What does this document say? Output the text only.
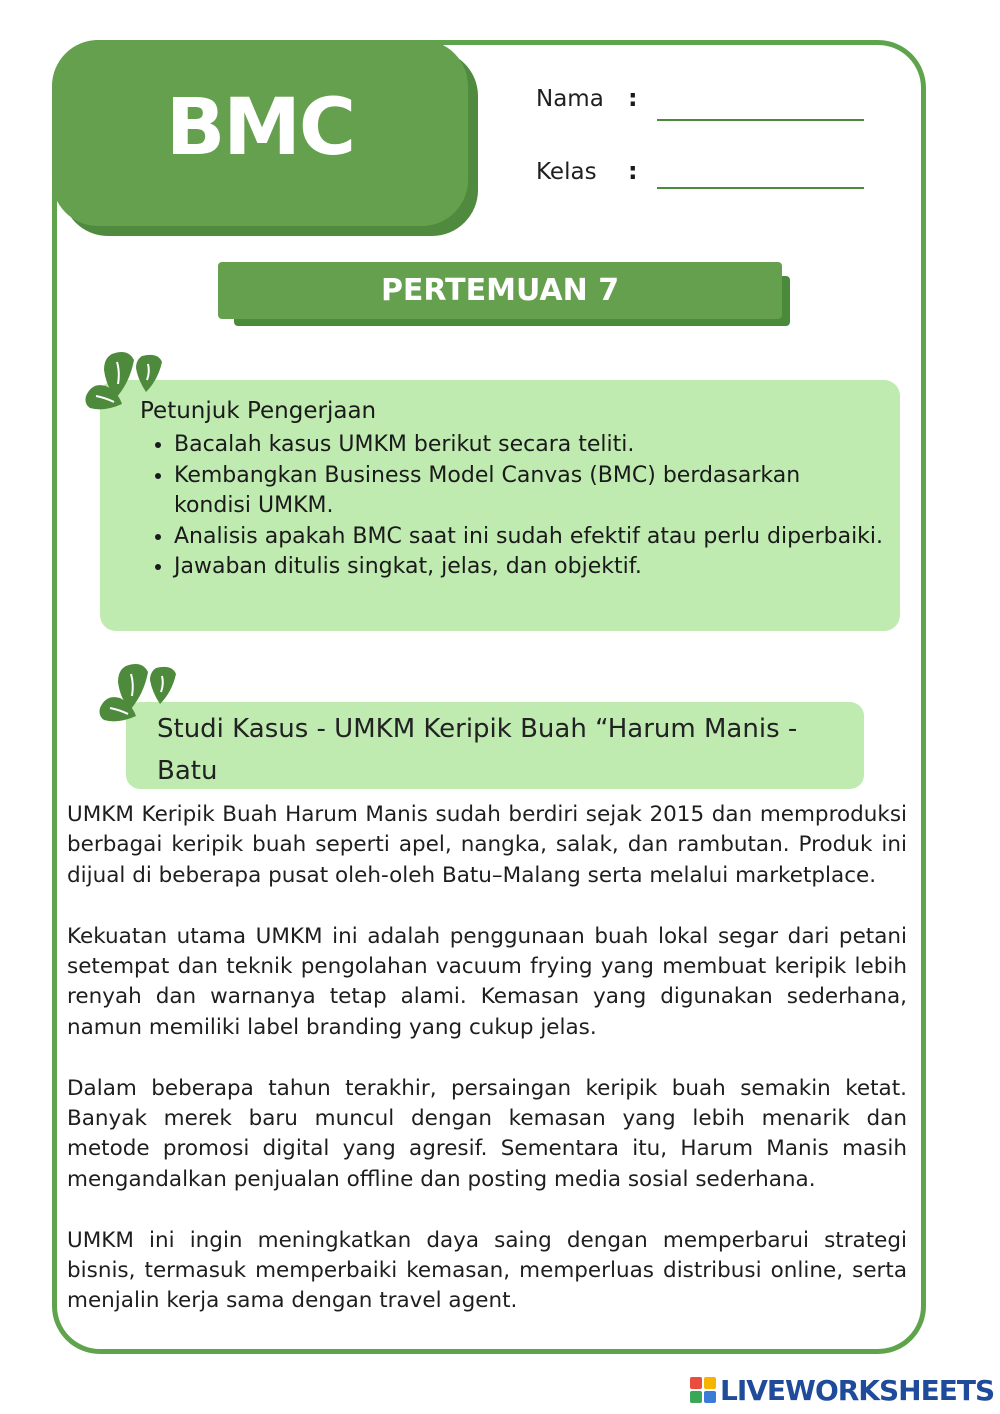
BMC	Nama :
Kelas :
PERTEMUAN 7
Petunjuk Pengerjaan
• Bacalah kasus UMKM berikut secara teliti.
• Kembangkan Business Model Canvas (BMC) berdasarkan kondisi UMKM.
• Analisis apakah BMC saat ini sudah efektif atau perlu diperbaiki.
• Jawaban ditulis singkat, jelas, dan objektif.
Studi Kasus - UMKM Keripik Buah “Harum Manis - Batu

UMKM Keripik Buah Harum Manis sudah berdiri sejak 2015 dan memproduksi berbagai keripik buah seperti apel, nangka, salak, dan rambutan. Produk ini dijual di beberapa pusat oleh-oleh Batu–Malang serta melalui marketplace.

Kekuatan utama UMKM ini adalah penggunaan buah lokal segar dari petani setempat dan teknik pengolahan vacuum frying yang membuat keripik lebih renyah dan warnanya tetap alami. Kemasan yang digunakan sederhana, namun memiliki label branding yang cukup jelas.

Dalam beberapa tahun terakhir, persaingan keripik buah semakin ketat. Banyak merek baru muncul dengan kemasan yang lebih menarik dan metode promosi digital yang agresif. Sementara itu, Harum Manis masih mengandalkan penjualan offline dan posting media sosial sederhana.

UMKM ini ingin meningkatkan daya saing dengan memperbarui strategi bisnis, termasuk memperbaiki kemasan, memperluas distribusi online, serta menjalin kerja sama dengan travel agent.

LIVEWORKSHEETS
